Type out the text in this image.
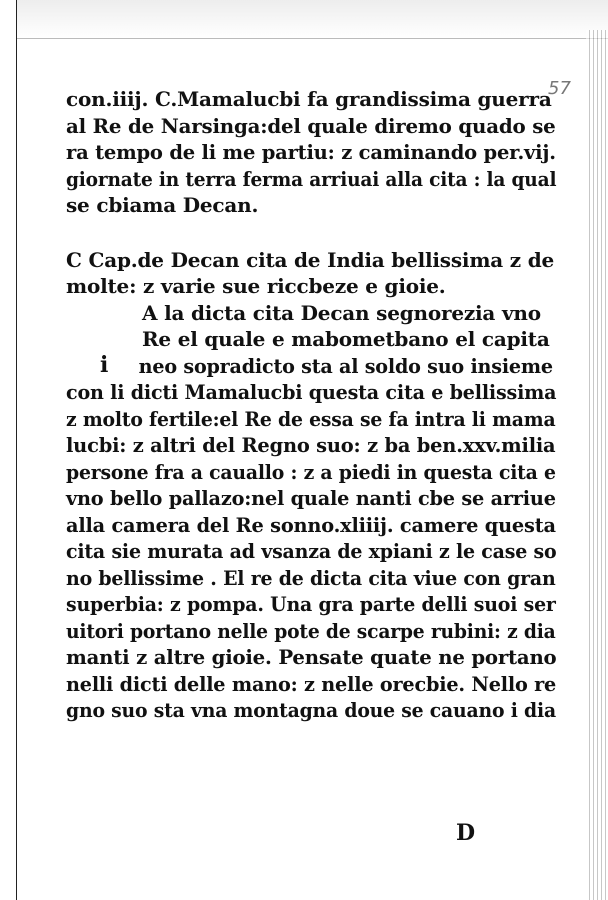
57
i
con.iiij. C.Mamalucbi fa grandissima guerra
al Re de Narsinga:del quale diremo quado se
ra tempo de li me partiu: z caminando per.vij.
giornate in terra ferma arriuai alla cita : la qual
se cbiama Decan.
C Cap.de Decan cita de India bellissima z de
molte: z varie sue riccbeze e gioie.
A la dicta cita Decan segnorezia vno
Re el quale e mabometbano el capita
neo sopradicto sta al soldo suo insieme
con li dicti Mamalucbi questa cita e bellissima
z molto fertile:el Re de essa se fa intra li mama
lucbi: z altri del Regno suo: z ba ben.xxv.milia
persone fra a cauallo : z a piedi in questa cita e
vno bello pallazo:nel quale nanti cbe se arriue
alla camera del Re sonno.xliiij. camere questa
cita sie murata ad vsanza de xpiani z le case so
no bellissime . El re de dicta cita viue con gran
superbia: z pompa. Una gra parte delli suoi ser
uitori portano nelle pote de scarpe rubini: z dia
manti z altre gioie. Pensate quate ne portano
nelli dicti delle mano: z nelle orecbie. Nello re
gno suo sta vna montagna doue se cauano i dia
D
